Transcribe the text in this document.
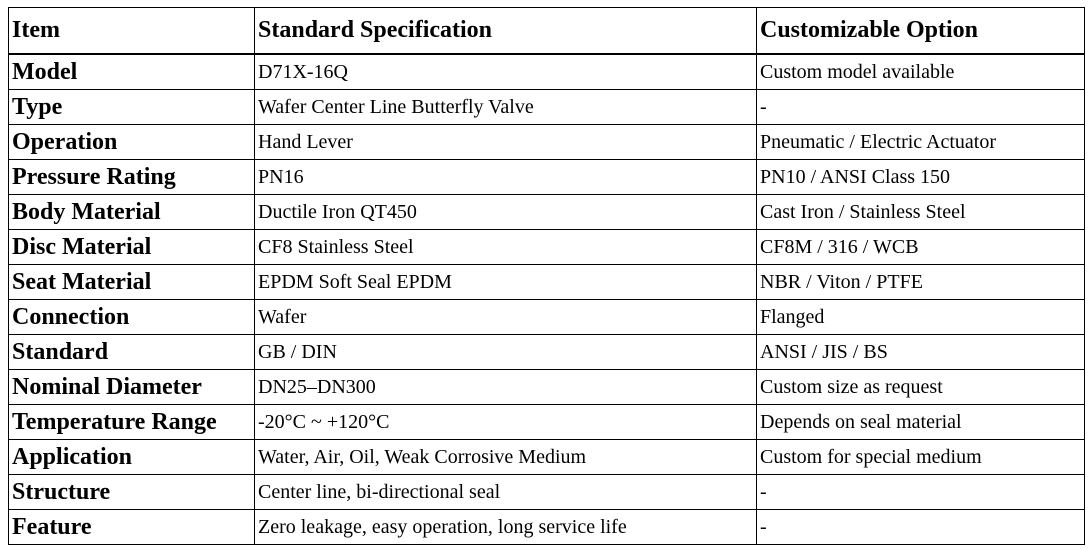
Item	Standard Specification	Customizable Option
Model	D71X-16Q	Custom model available
Type	Wafer Center Line Butterfly Valve	-
Operation	Hand Lever	Pneumatic / Electric Actuator
Pressure Rating	PN16	PN10 / ANSI Class 150
Body Material	Ductile Iron QT450	Cast Iron / Stainless Steel
Disc Material	CF8 Stainless Steel	CF8M / 316 / WCB
Seat Material	EPDM Soft Seal EPDM	NBR / Viton / PTFE
Connection	Wafer	Flanged
Standard	GB / DIN	ANSI / JIS / BS
Nominal Diameter	DN25–DN300	Custom size as request
Temperature Range	-20°C ~ +120°C	Depends on seal material
Application	Water, Air, Oil, Weak Corrosive Medium	Custom for special medium
Structure	Center line, bi-directional seal	-
Feature	Zero leakage, easy operation, long service life	-
